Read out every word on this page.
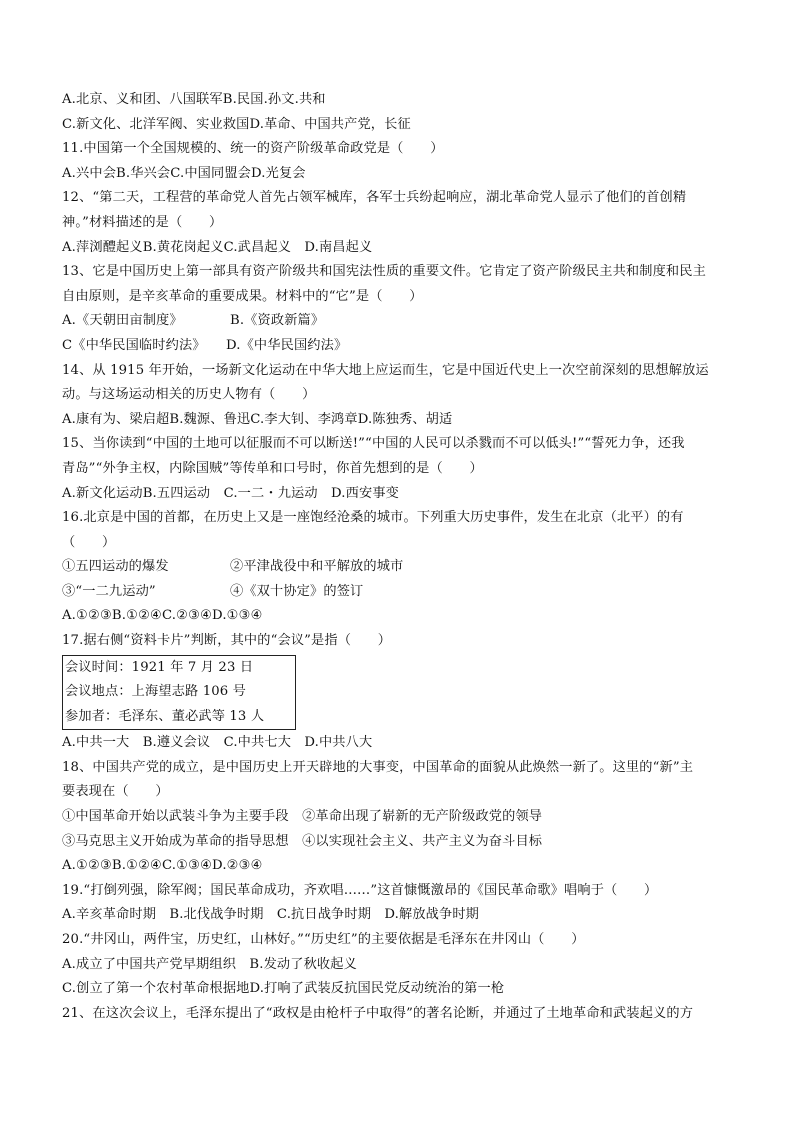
A.北京、义和团、八国联军B.民国.孙文.共和
C.新文化、北洋军阀、实业救国D.革命、中国共产党，长征
11.中国第一个全国规模的、统一的资产阶级革命政党是（　　）
A.兴中会B.华兴会C.中国同盟会D.光复会
12、“第二天，工程营的革命党人首先占领军械库，各军士兵纷起响应，湖北革命党人显示了他们的首创精
神。”材料描述的是（　　）
A.萍浏醴起义B.黄花岗起义C.武昌起义　D.南昌起义
13、它是中国历史上第一部具有资产阶级共和国宪法性质的重要文件。它肯定了资产阶级民主共和制度和民主
自由原则，是辛亥革命的重要成果。材料中的“它”是（　　）
A.《天朝田亩制度》	B.《资政新篇》
C《中华民国临时约法》 D.《中华民国约法》
14、从 1915 年开始，一场新文化运动在中华大地上应运而生，它是中国近代史上一次空前深刻的思想解放运
动。与这场运动相关的历史人物有（　　）
A.康有为、梁启超B.魏源、鲁迅C.李大钊、李鸿章D.陈独秀、胡适
15、当你读到“中国的土地可以征服而不可以断送!”“中国的人民可以杀戮而不可以低头!”“誓死力争，还我
青岛”“外争主权，内除国贼”等传单和口号时，你首先想到的是（　　）
A.新文化运动B.五四运动　C.一二・九运动　D.西安事变
16.北京是中国的首都，在历史上又是一座饱经沧桑的城市。下列重大历史事件，发生在北京（北平）的有
（　　）
①五四运动的爆发	②平津战役中和平解放的城市
③“一二九运动”	④《双十协定》的签订
A.①②③B.①②④C.②③④D.①③④
17.据右侧“资料卡片”判断，其中的“会议”是指（　　）
会议时间：1921 年 7 月 23 日
会议地点：上海望志路 106 号
参加者：毛泽东、董必武等 13 人
A.中共一大　B.遵义会议　C.中共七大　D.中共八大
18、中国共产党的成立，是中国历史上开天辟地的大事变，中国革命的面貌从此焕然一新了。这里的“新”主
要表现在（　　）
①中国革命开始以武装斗争为主要手段　②革命出现了崭新的无产阶级政党的领导
③马克思主义开始成为革命的指导思想　④以实现社会主义、共产主义为奋斗目标
A.①②③B.①②④C.①③④D.②③④
19.“打倒列强，除军阀；国民革命成功，齐欢唱……”这首慷慨激昂的《国民革命歌》唱响于（　　）
A.辛亥革命时期　B.北伐战争时期　C.抗日战争时期　D.解放战争时期
20.“井冈山，两件宝，历史红，山林好。”“历史红”的主要依据是毛泽东在井冈山（　　）
A.成立了中国共产党早期组织　B.发动了秋收起义
C.创立了第一个农村革命根据地D.打响了武装反抗国民党反动统治的第一枪
21、在这次会议上，毛泽东提出了“政权是由枪杆子中取得”的著名论断，并通过了土地革命和武装起义的方
